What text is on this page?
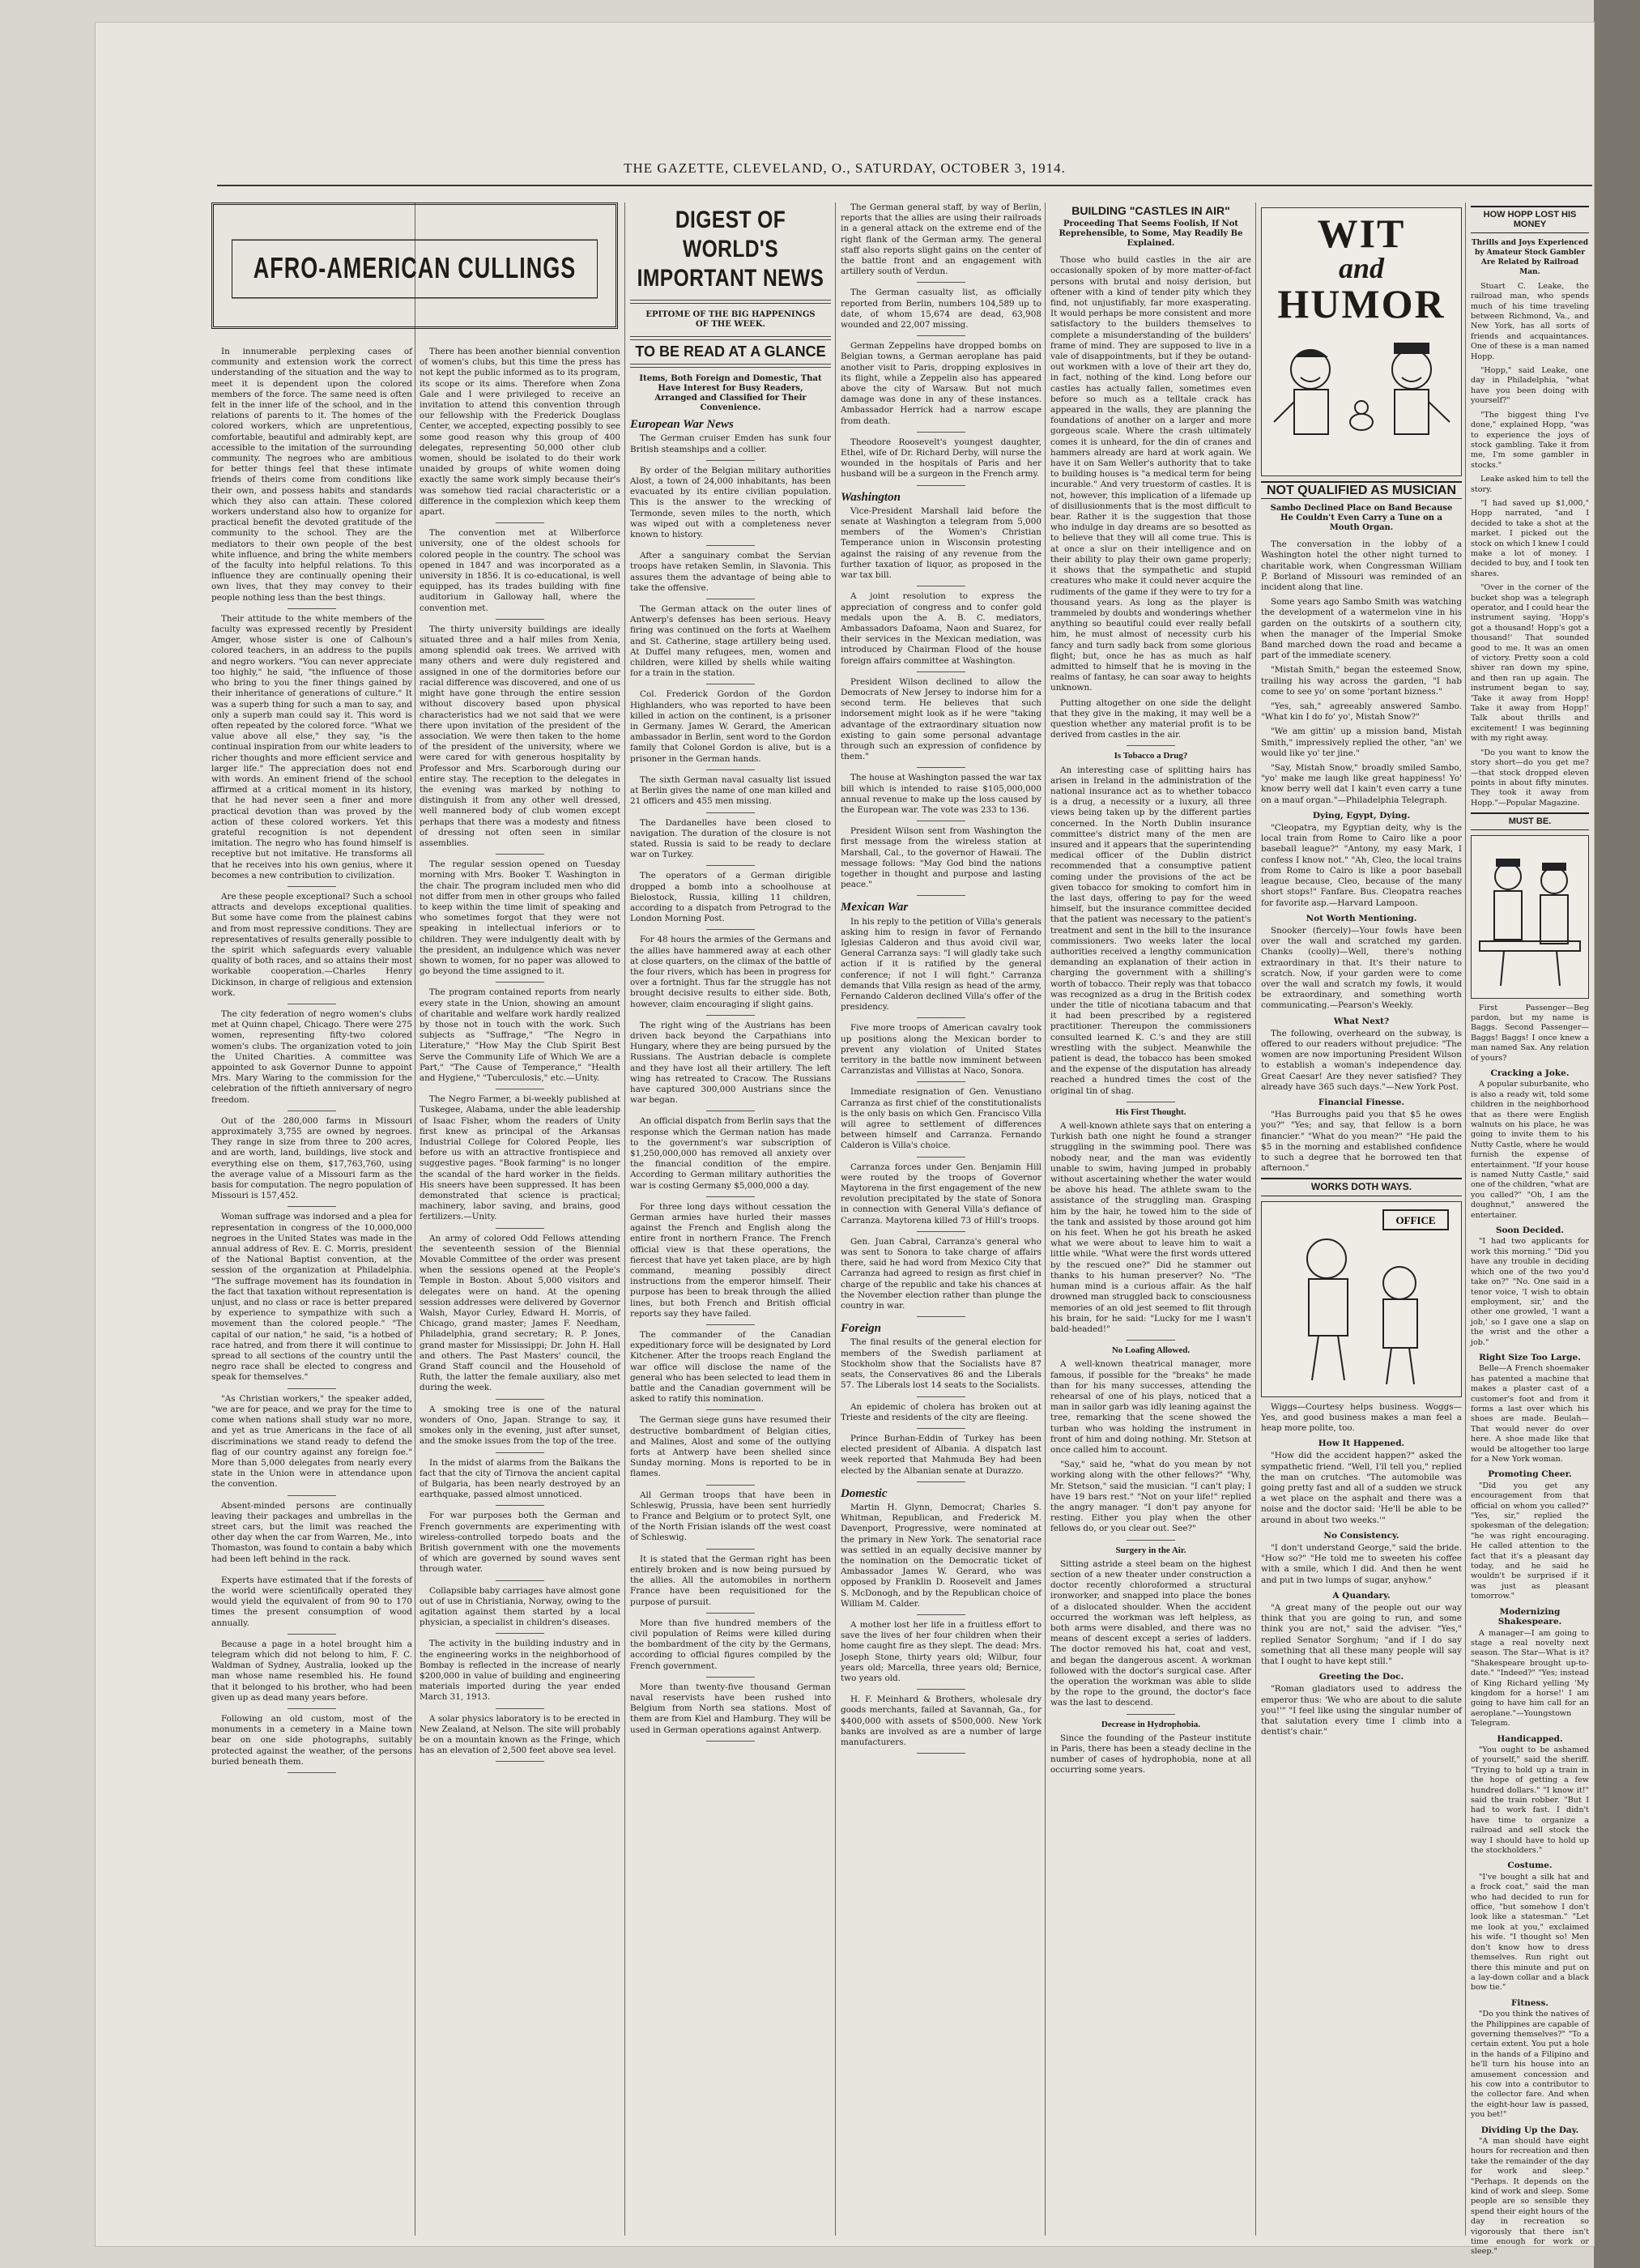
THE GAZETTE, CLEVELAND, O., SATURDAY, OCTOBER 3, 1914.
AFRO-AMERICAN CULLINGS

In innumerable perplexing cases of community and extension work the correct understanding of the situation and the way to meet it is dependent upon the colored members of the force. The same need is often felt in the inner life of the school, and in the relations of parents to it. The homes of the colored workers, which are unpretentious, comfortable, beautiful and admirably kept, are accessible to the imitation of the surrounding community. The negroes who are ambitious for better things feel that these intimate friends of theirs come from conditions like their own, and possess habits and standards which they also can attain. These colored workers understand also how to organize for practical benefit the devoted gratitude of the community to the school. They are the mediators to their own people of the best white influence, and bring the white members of the faculty into helpful relations. To this influence they are continually opening their own lives, that they may convey to their people nothing less than the best things.

Their attitude to the white members of the faculty was expressed recently by President Amger, whose sister is one of Calhoun's colored teachers, in an address to the pupils and negro workers. "You can never appreciate too highly," he said, "the influence of those who bring to you the finer things gained by their inheritance of generations of culture." It was a superb thing for such a man to say, and only a superb man could say it. This word is often repeated by the colored force. "What we value above all else," they say, "is the continual inspiration from our white leaders to richer thoughts and more efficient service and larger life." The appreciation does not end with words. An eminent friend of the school affirmed at a critical moment in its history, that he had never seen a finer and more practical devotion than was proved by the action of these colored workers. Yet this grateful recognition is not dependent imitation. The negro who has found himself is receptive but not imitative. He transforms all that he receives into his own genius, where it becomes a new contribution to civilization.

Are these people exceptional? Such a school attracts and develops exceptional qualities. But some have come from the plainest cabins and from most repressive conditions. They are representatives of results generally possible to the spirit which safeguards every valuable quality of both races, and so attains their most workable cooperation.—Charles Henry Dickinson, in charge of religious and extension work.

The city federation of negro women's clubs met at Quinn chapel, Chicago. There were 275 women, representing fifty-two colored women's clubs. The organization voted to join the United Charities. A committee was appointed to ask Governor Dunne to appoint Mrs. Mary Waring to the commission for the celebration of the fiftieth anniversary of negro freedom.

Out of the 280,000 farms in Missouri approximately 3,755 are owned by negroes. They range in size from three to 200 acres, and are worth, land, buildings, live stock and everything else on them, $17,763,760, using the average value of a Missouri farm as the basis for computation. The negro population of Missouri is 157,452.

Woman suffrage was indorsed and a plea for representation in congress of the 10,000,000 negroes in the United States was made in the annual address of Rev. E. C. Morris, president of the National Baptist convention, at the session of the organization at Philadelphia. "The suffrage movement has its foundation in the fact that taxation without representation is unjust, and no class or race is better prepared by experience to sympathize with such a movement than the colored people." "The capital of our nation," he said, "is a hotbed of race hatred, and from there it will continue to spread to all sections of the country until the negro race shall be elected to congress and speak for themselves."

"As Christian workers," the speaker added, "we are for peace, and we pray for the time to come when nations shall study war no more, and yet as true Americans in the face of all discriminations we stand ready to defend the flag of our country against any foreign foe." More than 5,000 delegates from nearly every state in the Union were in attendance upon the convention.

Absent-minded persons are continually leaving their packages and umbrellas in the street cars, but the limit was reached the other day when the car from Warren, Me., into Thomaston, was found to contain a baby which had been left behind in the rack.

Experts have estimated that if the forests of the world were scientifically operated they would yield the equivalent of from 90 to 170 times the present consumption of wood annually.

Because a page in a hotel brought him a telegram which did not belong to him, F. C. Waldman of Sydney, Australia, looked up the man whose name resembled his. He found that it belonged to his brother, who had been given up as dead many years before.

Following an old custom, most of the monuments in a cemetery in a Maine town bear on one side photographs, suitably protected against the weather, of the persons buried beneath them.

There has been another biennial convention of women's clubs, but this time the press has not kept the public informed as to its program, its scope or its aims. Therefore when Zona Gale and I were privileged to receive an invitation to attend this convention through our fellowship with the Frederick Douglass Center, we accepted, expecting possibly to see some good reason why this group of 400 delegates, representing 50,000 other club women, should be isolated to do their work unaided by groups of white women doing exactly the same work simply because their's was somehow tied racial characteristic or a difference in the complexion which keep them apart.

The convention met at Wilberforce university, one of the oldest schools for colored people in the country. The school was opened in 1847 and was incorporated as a university in 1856. It is co-educational, is well equipped, has its trades building with fine auditorium in Galloway hall, where the convention met.

The thirty university buildings are ideally situated three and a half miles from Xenia, among splendid oak trees. We arrived with many others and were duly registered and assigned in one of the dormitories before our racial difference was discovered, and one of us might have gone through the entire session without discovery based upon physical characteristics had we not said that we were there upon invitation of the president of the association. We were then taken to the home of the president of the university, where we were cared for with generous hospitality by Professor and Mrs. Scarborough during our entire stay. The reception to the delegates in the evening was marked by nothing to distinguish it from any other well dressed, well mannered body of club women except perhaps that there was a modesty and fitness of dressing not often seen in similar assemblies.

The regular session opened on Tuesday morning with Mrs. Booker T. Washington in the chair. The program included men who did not differ from men in other groups who failed to keep within the time limit of speaking and who sometimes forgot that they were not speaking in intellectual inferiors or to children. They were indulgently dealt with by the president, an indulgence which was never shown to women, for no paper was allowed to go beyond the time assigned to it.

The program contained reports from nearly every state in the Union, showing an amount of charitable and welfare work hardly realized by those not in touch with the work. Such subjects as "Suffrage," "The Negro in Literature," "How May the Club Spirit Best Serve the Community Life of Which We are a Part," "The Cause of Temperance," "Health and Hygiene," "Tuberculosis," etc.—Unity.

The Negro Farmer, a bi-weekly published at Tuskegee, Alabama, under the able leadership of Isaac Fisher, whom the readers of Unity first knew as principal of the Arkansas Industrial College for Colored People, lies before us with an attractive frontispiece and suggestive pages. "Book farming" is no longer the scandal of the hard worker in the fields. His sneers have been suppressed. It has been demonstrated that science is practical; machinery, labor saving, and brains, good fertilizers.—Unity.

An army of colored Odd Fellows attending the seventeenth session of the Biennial Movable Committee of the order was present when the sessions opened at the People's Temple in Boston. About 5,000 visitors and delegates were on hand. At the opening session addresses were delivered by Governor Walsh, Mayor Curley, Edward H. Morris, of Chicago, grand master; James F. Needham, Philadelphia, grand secretary; R. P. Jones, grand master for Mississippi; Dr. John H. Hall and others. The Past Masters' council, the Grand Staff council and the Household of Ruth, the latter the female auxiliary, also met during the week.

A smoking tree is one of the natural wonders of Ono, Japan. Strange to say, it smokes only in the evening, just after sunset, and the smoke issues from the top of the tree.

In the midst of alarms from the Balkans the fact that the city of Tirnova the ancient capital of Bulgaria, has been nearly destroyed by an earthquake, passed almost unnoticed.

For war purposes both the German and French governments are experimenting with wireless-controlled torpedo boats and the British government with one the movements of which are governed by sound waves sent through water.

Collapsible baby carriages have almost gone out of use in Christiania, Norway, owing to the agitation against them started by a local physician, a specialist in children's diseases.

The activity in the building industry and in the engineering works in the neighborhood of Bombay is reflected in the increase of nearly $200,000 in value of building and engineering materials imported during the year ended March 31, 1913.

A solar physics laboratory is to be erected in New Zealand, at Nelson. The site will probably be on a mountain known as the Fringe, which has an elevation of 2,500 feet above sea level.

DIGEST OF WORLD'S
IMPORTANT NEWS
EPITOME OF THE BIG HAPPENINGS OF THE WEEK.
TO BE READ AT A GLANCE
Items, Both Foreign and Domestic, That Have Interest for Busy Readers, Arranged and Classified for Their Convenience.
European War News

The German cruiser Emden has sunk four British steamships and a collier.

By order of the Belgian military authorities Alost, a town of 24,000 inhabitants, has been evacuated by its entire civilian population. This is the answer to the wrecking of Termonde, seven miles to the north, which was wiped out with a completeness never known to history.

After a sanguinary combat the Servian troops have retaken Semlin, in Slavonia. This assures them the advantage of being able to take the offensive.

The German attack on the outer lines of Antwerp's defenses has been serious. Heavy firing was continued on the forts at Waelhem and St. Catherine, stage artillery being used. At Duffel many refugees, men, women and children, were killed by shells while waiting for a train in the station.

Col. Frederick Gordon of the Gordon Highlanders, who was reported to have been killed in action on the continent, is a prisoner in Germany. James W. Gerard, the American ambassador in Berlin, sent word to the Gordon family that Colonel Gordon is alive, but is a prisoner in the German hands.

The sixth German naval casualty list issued at Berlin gives the name of one man killed and 21 officers and 455 men missing.

The Dardanelles have been closed to navigation. The duration of the closure is not stated. Russia is said to be ready to declare war on Turkey.

The operators of a German dirigible dropped a bomb into a schoolhouse at Bielostock, Russia, killing 11 children, according to a dispatch from Petrograd to the London Morning Post.

For 48 hours the armies of the Germans and the allies have hammered away at each other at close quarters, on the climax of the battle of the four rivers, which has been in progress for over a fortnight. Thus far the struggle has not brought decisive results to either side. Both, however, claim encouraging if slight gains.

The right wing of the Austrians has been driven back beyond the Carpathians into Hungary, where they are being pursued by the Russians. The Austrian debacle is complete and they have lost all their artillery. The left wing has retreated to Cracow. The Russians have captured 300,000 Austrians since the war began.

An official dispatch from Berlin says that the response which the German nation has made to the government's war subscription of $1,250,000,000 has removed all anxiety over the financial condition of the empire. According to German military authorities the war is costing Germany $5,000,000 a day.

For three long days without cessation the German armies have hurled their masses against the French and English along the entire front in northern France. The French official view is that these operations, the fiercest that have yet taken place, are by high command, meaning possibly direct instructions from the emperor himself. Their purpose has been to break through the allied lines, but both French and British official reports say they have failed.

The commander of the Canadian expeditionary force will be designated by Lord Kitchener. After the troops reach England the war office will disclose the name of the general who has been selected to lead them in battle and the Canadian government will be asked to ratify this nomination.

The German siege guns have resumed their destructive bombardment of Belgian cities, and Malines, Alost and some of the outlying forts at Antwerp have been shelled since Sunday morning. Mons is reported to be in flames.

All German troops that have been in Schleswig, Prussia, have been sent hurriedly to France and Belgium or to protect Sylt, one of the North Frisian islands off the west coast of Schleswig.

It is stated that the German right has been entirely broken and is now being pursued by the allies. All the automobiles in northern France have been requisitioned for the purpose of pursuit.

More than five hundred members of the civil population of Reims were killed during the bombardment of the city by the Germans, according to official figures compiled by the French government.

More than twenty-five thousand German naval reservists have been rushed into Belgium from North sea stations. Most of them are from Kiel and Hamburg. They will be used in German operations against Antwerp.

The German general staff, by way of Berlin, reports that the allies are using their railroads in a general attack on the extreme end of the right flank of the German army. The general staff also reports slight gains on the center of the battle front and an engagement with artillery south of Verdun.

The German casualty list, as officially reported from Berlin, numbers 104,589 up to date, of whom 15,674 are dead, 63,908 wounded and 22,007 missing.

German Zeppelins have dropped bombs on Belgian towns, a German aeroplane has paid another visit to Paris, dropping explosives in its flight, while a Zeppelin also has appeared above the city of Warsaw. But not much damage was done in any of these instances. Ambassador Herrick had a narrow escape from death.

Theodore Roosevelt's youngest daughter, Ethel, wife of Dr. Richard Derby, will nurse the wounded in the hospitals of Paris and her husband will be a surgeon in the French army.

Washington

Vice-President Marshall laid before the senate at Washington a telegram from 5,000 members of the Women's Christian Temperance union in Wisconsin protesting against the raising of any revenue from the further taxation of liquor, as proposed in the war tax bill.

A joint resolution to express the appreciation of congress and to confer gold medals upon the A. B. C. mediators, Ambassadors Dafoama, Naon and Suarez, for their services in the Mexican mediation, was introduced by Chairman Flood of the house foreign affairs committee at Washington.

President Wilson declined to allow the Democrats of New Jersey to indorse him for a second term. He believes that such indorsement might look as if he were "taking advantage of the extraordinary situation now existing to gain some personal advantage through such an expression of confidence by them."

The house at Washington passed the war tax bill which is intended to raise $105,000,000 annual revenue to make up the loss caused by the European war. The vote was 233 to 136.

President Wilson sent from Washington the first message from the wireless station at Marshall, Cal., to the governor of Hawaii. The message follows: "May God bind the nations together in thought and purpose and lasting peace."

Mexican War

In his reply to the petition of Villa's generals asking him to resign in favor of Fernando Iglesias Calderon and thus avoid civil war, General Carranza says: "I will gladly take such action if it is ratified by the general conference; if not I will fight." Carranza demands that Villa resign as head of the army, Fernando Calderon declined Villa's offer of the presidency.

Five more troops of American cavalry took up positions along the Mexican border to prevent any violation of United States territory in the battle now imminent between Carranzistas and Villistas at Naco, Sonora.

Immediate resignation of Gen. Venustiano Carranza as first chief of the constitutionalists is the only basis on which Gen. Francisco Villa will agree to settlement of differences between himself and Carranza. Fernando Calderon is Villa's choice.

Carranza forces under Gen. Benjamin Hill were routed by the troops of Governor Maytorena in the first engagement of the new revolution precipitated by the state of Sonora in connection with General Villa's defiance of Carranza. Maytorena killed 73 of Hill's troops.

Gen. Juan Cabral, Carranza's general who was sent to Sonora to take charge of affairs there, said he had word from Mexico City that Carranza had agreed to resign as first chief in charge of the republic and take his chances at the November election rather than plunge the country in war.

Foreign

The final results of the general election for members of the Swedish parliament at Stockholm show that the Socialists have 87 seats, the Conservatives 86 and the Liberals 57. The Liberals lost 14 seats to the Socialists.

An epidemic of cholera has broken out at Trieste and residents of the city are fleeing.

Prince Burhan-Eddin of Turkey has been elected president of Albania. A dispatch last week reported that Mahmuda Bey had been elected by the Albanian senate at Durazzo.

Domestic

Martin H. Glynn, Democrat; Charles S. Whitman, Republican, and Frederick M. Davenport, Progressive, were nominated at the primary in New York. The senatorial race was settled in an equally decisive manner by the nomination on the Democratic ticket of Ambassador James W. Gerard, who was opposed by Franklin D. Roosevelt and James S. McDonogh, and by the Republican choice of William M. Calder.

A mother lost her life in a fruitless effort to save the lives of her four children when their home caught fire as they slept. The dead: Mrs. Joseph Stone, thirty years old; Wilbur, four years old; Marcella, three years old; Bernice, two years old.

H. F. Meinhard & Brothers, wholesale dry goods merchants, failed at Savannah, Ga., for $400,000 with assets of $500,000. New York banks are involved as are a number of large manufacturers.

BUILDING "CASTLES IN AIR"
Proceeding That Seems Foolish, If Not Reprehensible, to Some, May Readily Be Explained.

Those who build castles in the air are occasionally spoken of by more matter-of-fact persons with brutal and noisy derision, but oftener with a kind of tender pity which they find, not unjustifiably, far more exasperating. It would perhaps be more consistent and more satisfactory to the builders themselves to complete a misunderstanding of the builders' frame of mind. They are supposed to live in a vale of disappointments, but if they be outand-out workmen with a love of their art they do, in fact, nothing of the kind. Long before our castles has actually fallen, sometimes even before so much as a telltale crack has appeared in the walls, they are planning the foundations of another on a larger and more gorgeous scale. Where the crash ultimately comes it is unheard, for the din of cranes and hammers already are hard at work again. We have it on Sam Weller's authority that to take to building houses is "a medical term for being incurable." And very truestorm of castles. It is not, however, this implication of a lifemade up of disillusionments that is the most difficult to bear. Rather it is the suggestion that those who indulge in day dreams are so besotted as to believe that they will all come true. This is at once a slur on their intelligence and on their ability to play their own game properly; it shows that the sympathetic and stupid creatures who make it could never acquire the rudiments of the game if they were to try for a thousand years. As long as the player is trammeled by doubts and wonderings whether anything so beautiful could ever really befall him, he must almost of necessity curb his fancy and turn sadly back from some glorious flight; but, once he has as much as half admitted to himself that he is moving in the realms of fantasy, he can soar away to heights unknown.

Putting altogether on one side the delight that they give in the making, it may well be a question whether any material profit is to be derived from castles in the air.

Is Tobacco a Drug?

An interesting case of splitting hairs has arisen in Ireland in the administration of the national insurance act as to whether tobacco is a drug, a necessity or a luxury, all three views being taken up by the different parties concerned. In the North Dublin insurance committee's district many of the men are insured and it appears that the superintending medical officer of the Dublin district recommended that a consumptive patient coming under the provisions of the act be given tobacco for smoking to comfort him in the last days, offering to pay for the weed himself, but the insurance committee decided that the patient was necessary to the patient's treatment and sent in the bill to the insurance commissioners. Two weeks later the local authorities received a lengthy communication demanding an explanation of their action in charging the government with a shilling's worth of tobacco. Their reply was that tobacco was recognized as a drug in the British codex under the title of nicotiana tabacum and that it had been prescribed by a registered practitioner. Thereupon the commissioners consulted learned K. C.'s and they are still wrestling with the subject. Meanwhile the patient is dead, the tobacco has been smoked and the expense of the disputation has already reached a hundred times the cost of the original tin of shag.

His First Thought.

A well-known athlete says that on entering a Turkish bath one night he found a stranger struggling in the swimming pool. There was nobody near, and the man was evidently unable to swim, having jumped in probably without ascertaining whether the water would be above his head. The athlete swam to the assistance of the struggling man. Grasping him by the hair, he towed him to the side of the tank and assisted by those around got him on his feet. When he got his breath he asked what we were about to leave him to wait a little while. "What were the first words uttered by the rescued one?" Did he stammer out thanks to his human preserver? No. "The human mind is a curious affair. As the half drowned man struggled back to consciousness memories of an old jest seemed to flit through his brain, for he said: "Lucky for me I wasn't bald-headed!"

No Loafing Allowed.

A well-known theatrical manager, more famous, if possible for the "breaks" he made than for his many successes, attending the rehearsal of one of his plays, noticed that a man in sailor garb was idly leaning against the tree, remarking that the scene showed the turban who was holding the instrument in front of him and doing nothing. Mr. Stetson at once called him to account.

"Say," said he, "what do you mean by not working along with the other fellows?" "Why, Mr. Stetson," said the musician. "I can't play; I have 19 bars rest." "Not on your life!" replied the angry manager. "I don't pay anyone for resting. Either you play when the other fellows do, or you clear out. See?"

Surgery in the Air.

Sitting astride a steel beam on the highest section of a new theater under construction a doctor recently chloroformed a structural ironworker, and snapped into place the bones of a dislocated shoulder. When the accident occurred the workman was left helpless, as both arms were disabled, and there was no means of descent except a series of ladders. The doctor removed his hat, coat and vest, and began the dangerous ascent. A workman followed with the doctor's surgical case. After the operation the workman was able to slide by the rope to the ground, the doctor's face was the last to descend.

Decrease in Hydrophobia.

Since the founding of the Pasteur institute in Paris, there has been a steady decline in the number of cases of hydrophobia, none at all occurring some years.

WIT
and
HUMOR
NOT QUALIFIED AS MUSICIAN
Sambo Declined Place on Band Because He Couldn't Even Carry a Tune on a Mouth Organ.

The conversation in the lobby of a Washington hotel the other night turned to charitable work, when Congressman William P. Borland of Missouri was reminded of an incident along that line.

Some years ago Sambo Smith was watching the development of a watermelon vine in his garden on the outskirts of a southern city, when the manager of the Imperial Smoke Band marched down the road and became a part of the immediate scenery.

"Mistah Smith," began the esteemed Snow, trailing his way across the garden, "I hab come to see yo' on some 'portant bizness."

"Yes, sah," agreeably answered Sambo. "What kin I do fo' yo', Mistah Snow?"

"We am gittin' up a mission band, Mistah Smith," impressively replied the other, "an' we would like yo' ter jine."

"Say, Mistah Snow," broadly smiled Sambo, "yo' make me laugh like great happiness! Yo' know berry well dat I kain't even carry a tune on a mauf organ."—Philadelphia Telegraph.

Dying, Egypt, Dying.

"Cleopatra, my Egyptian deity, why is the local train from Rome to Cairo like a poor baseball league?" "Antony, my easy Mark, I confess I know not." "Ah, Cleo, the local trains from Rome to Cairo is like a poor baseball league because, Cleo, because of the many short stops!" Fanfare. Bus. Cleopatra reaches for favorite asp.—Harvard Lampoon.

Not Worth Mentioning.

Snooker (fiercely)—Your fowls have been over the wall and scratched my garden. Chanks (coolly)—Well, there's nothing extraordinary in that. It's their nature to scratch. Now, if your garden were to come over the wall and scratch my fowls, it would be extraordinary, and something worth communicating.—Pearson's Weekly.

What Next?

The following, overheard on the subway, is offered to our readers without prejudice: "The women are now importuning President Wilson to establish a woman's independence day. Great Caesar! Are they never satisfied? They already have 365 such days."—New York Post.

Financial Finesse.

"Has Burroughs paid you that $5 he owes you?" "Yes; and say, that fellow is a born financier." "What do you mean?" "He paid the $5 in the morning and established confidence to such a degree that he borrowed ten that afternoon."

WORKS DOTH WAYS.
OFFICE

Wiggs—Courtesy helps business. Woggs—Yes, and good business makes a man feel a heap more polite, too.

How It Happened.

"How did the accident happen?" asked the sympathetic friend. "Well, I'll tell you," replied the man on crutches. "The automobile was going pretty fast and all of a sudden we struck a wet place on the asphalt and there was a noise and the doctor said: 'He'll be able to be around in about two weeks.'"

No Consistency.

"I don't understand George," said the bride. "How so?" "He told me to sweeten his coffee with a smile, which I did. And then he went and put in two lumps of sugar, anyhow."

A Quandary.

"A great many of the people out our way think that you are going to run, and some think you are not," said the adviser. "Yes," replied Senator Sorghum; "and if I do say something that all these many people will say that I ought to have kept still."

Greeting the Doc.

"Roman gladiators used to address the emperor thus: 'We who are about to die salute you!'" "I feel like using the singular number of that salutation every time I climb into a dentist's chair."

HOW HOPP LOST HIS MONEY
Thrills and Joys Experienced by Amateur Stock Gambler Are Related by Railroad Man.

Stuart C. Leake, the railroad man, who spends much of his time traveling between Richmond, Va., and New York, has all sorts of friends and acquaintances. One of these is a man named Hopp.

"Hopp," said Leake, one day in Philadelphia, "what have you been doing with yourself?"

"The biggest thing I've done," explained Hopp, "was to experience the joys of stock gambling. Take it from me, I'm some gambler in stocks."

Leake asked him to tell the story.

"I had saved up $1,000," Hopp narrated, "and I decided to take a shot at the market. I picked out the stock on which I knew I could make a lot of money. I decided to buy, and I took ten shares.

"Over in the corner of the bucket shop was a telegraph operator, and I could hear the instrument saying, 'Hopp's got a thousand! Hopp's got a thousand!' That sounded good to me. It was an omen of victory. Pretty soon a cold shiver ran down my spine, and then ran up again. The instrument began to say, 'Take it away from Hopp! Take it away from Hopp!' Talk about thrills and excitement! I was beginning with my right away.

"Do you want to know the story short—do you get me?—that stock dropped eleven points in about fifty minutes. They took it away from Hopp."—Popular Magazine.

MUST BE.

First Passenger—Beg pardon, but my name is Baggs. Second Passenger—Baggs! Baggs! I once knew a man named Sax. Any relation of yours?

Cracking a Joke.

A popular suburbanite, who is also a ready wit, told some children in the neighborhood that as there were English walnuts on his place, he was going to invite them to his Nutty Castle, where he would furnish the expense of entertainment. "If your house is named Nutty Castle," said one of the children, "what are you called?" "Oh, I am the doughnut," answered the entertainer.

Soon Decided.

"I had two applicants for work this morning." "Did you have any trouble in deciding which one of the two you'd take on?" "No. One said in a tenor voice, 'I wish to obtain employment, sir,' and the other one growled, 'I want a job,' so I gave one a slap on the wrist and the other a job."

Right Size Too Large.

Belle—A French shoemaker has patented a machine that makes a plaster cast of a customer's foot and from it forms a last over which his shoes are made. Beulah—That would never do over here. A shoe made like that would be altogether too large for a New York woman.

Promoting Cheer.

"Did you get any encouragement from that official on whom you called?" "Yes, sir," replied the spokesman of the delegation; "he was right encouraging. He called attention to the fact that it's a pleasant day today, and he said he wouldn't be surprised if it was just as pleasant tomorrow."

Modernizing Shakespeare.

A manager—I am going to stage a real novelty next season. The Star—What is it? "Shakespeare brought up-to-date." "Indeed?" "Yes; instead of King Richard yelling 'My kingdom for a horse!' I am going to have him call for an aeroplane."—Youngstown Telegram.

Handicapped.

"You ought to be ashamed of yourself," said the sheriff. "Trying to hold up a train in the hope of getting a few hundred dollars." "I know it!" said the train robber. "But I had to work fast. I didn't have time to organize a railroad and sell stock the way I should have to hold up the stockholders."

Costume.

"I've bought a silk hat and a frock coat," said the man who had decided to run for office, "but somehow I don't look like a statesman." "Let me look at you," exclaimed his wife. "I thought so! Men don't know how to dress themselves. Run right out there this minute and put on a lay-down collar and a black bow tie."

Fitness.

"Do you think the natives of the Philippines are capable of governing themselves?" "To a certain extent. You put a hole in the hands of a Filipino and he'll turn his house into an amusement concession and his cow into a contributor to the collector fare. And when the eight-hour law is passed, you bet!"

Dividing Up the Day.

"A man should have eight hours for recreation and then take the remainder of the day for work and sleep." "Perhaps. It depends on the kind of work and sleep. Some people are so sensible they spend their eight hours of the day in recreation so vigorously that there isn't time enough for work or sleep."
